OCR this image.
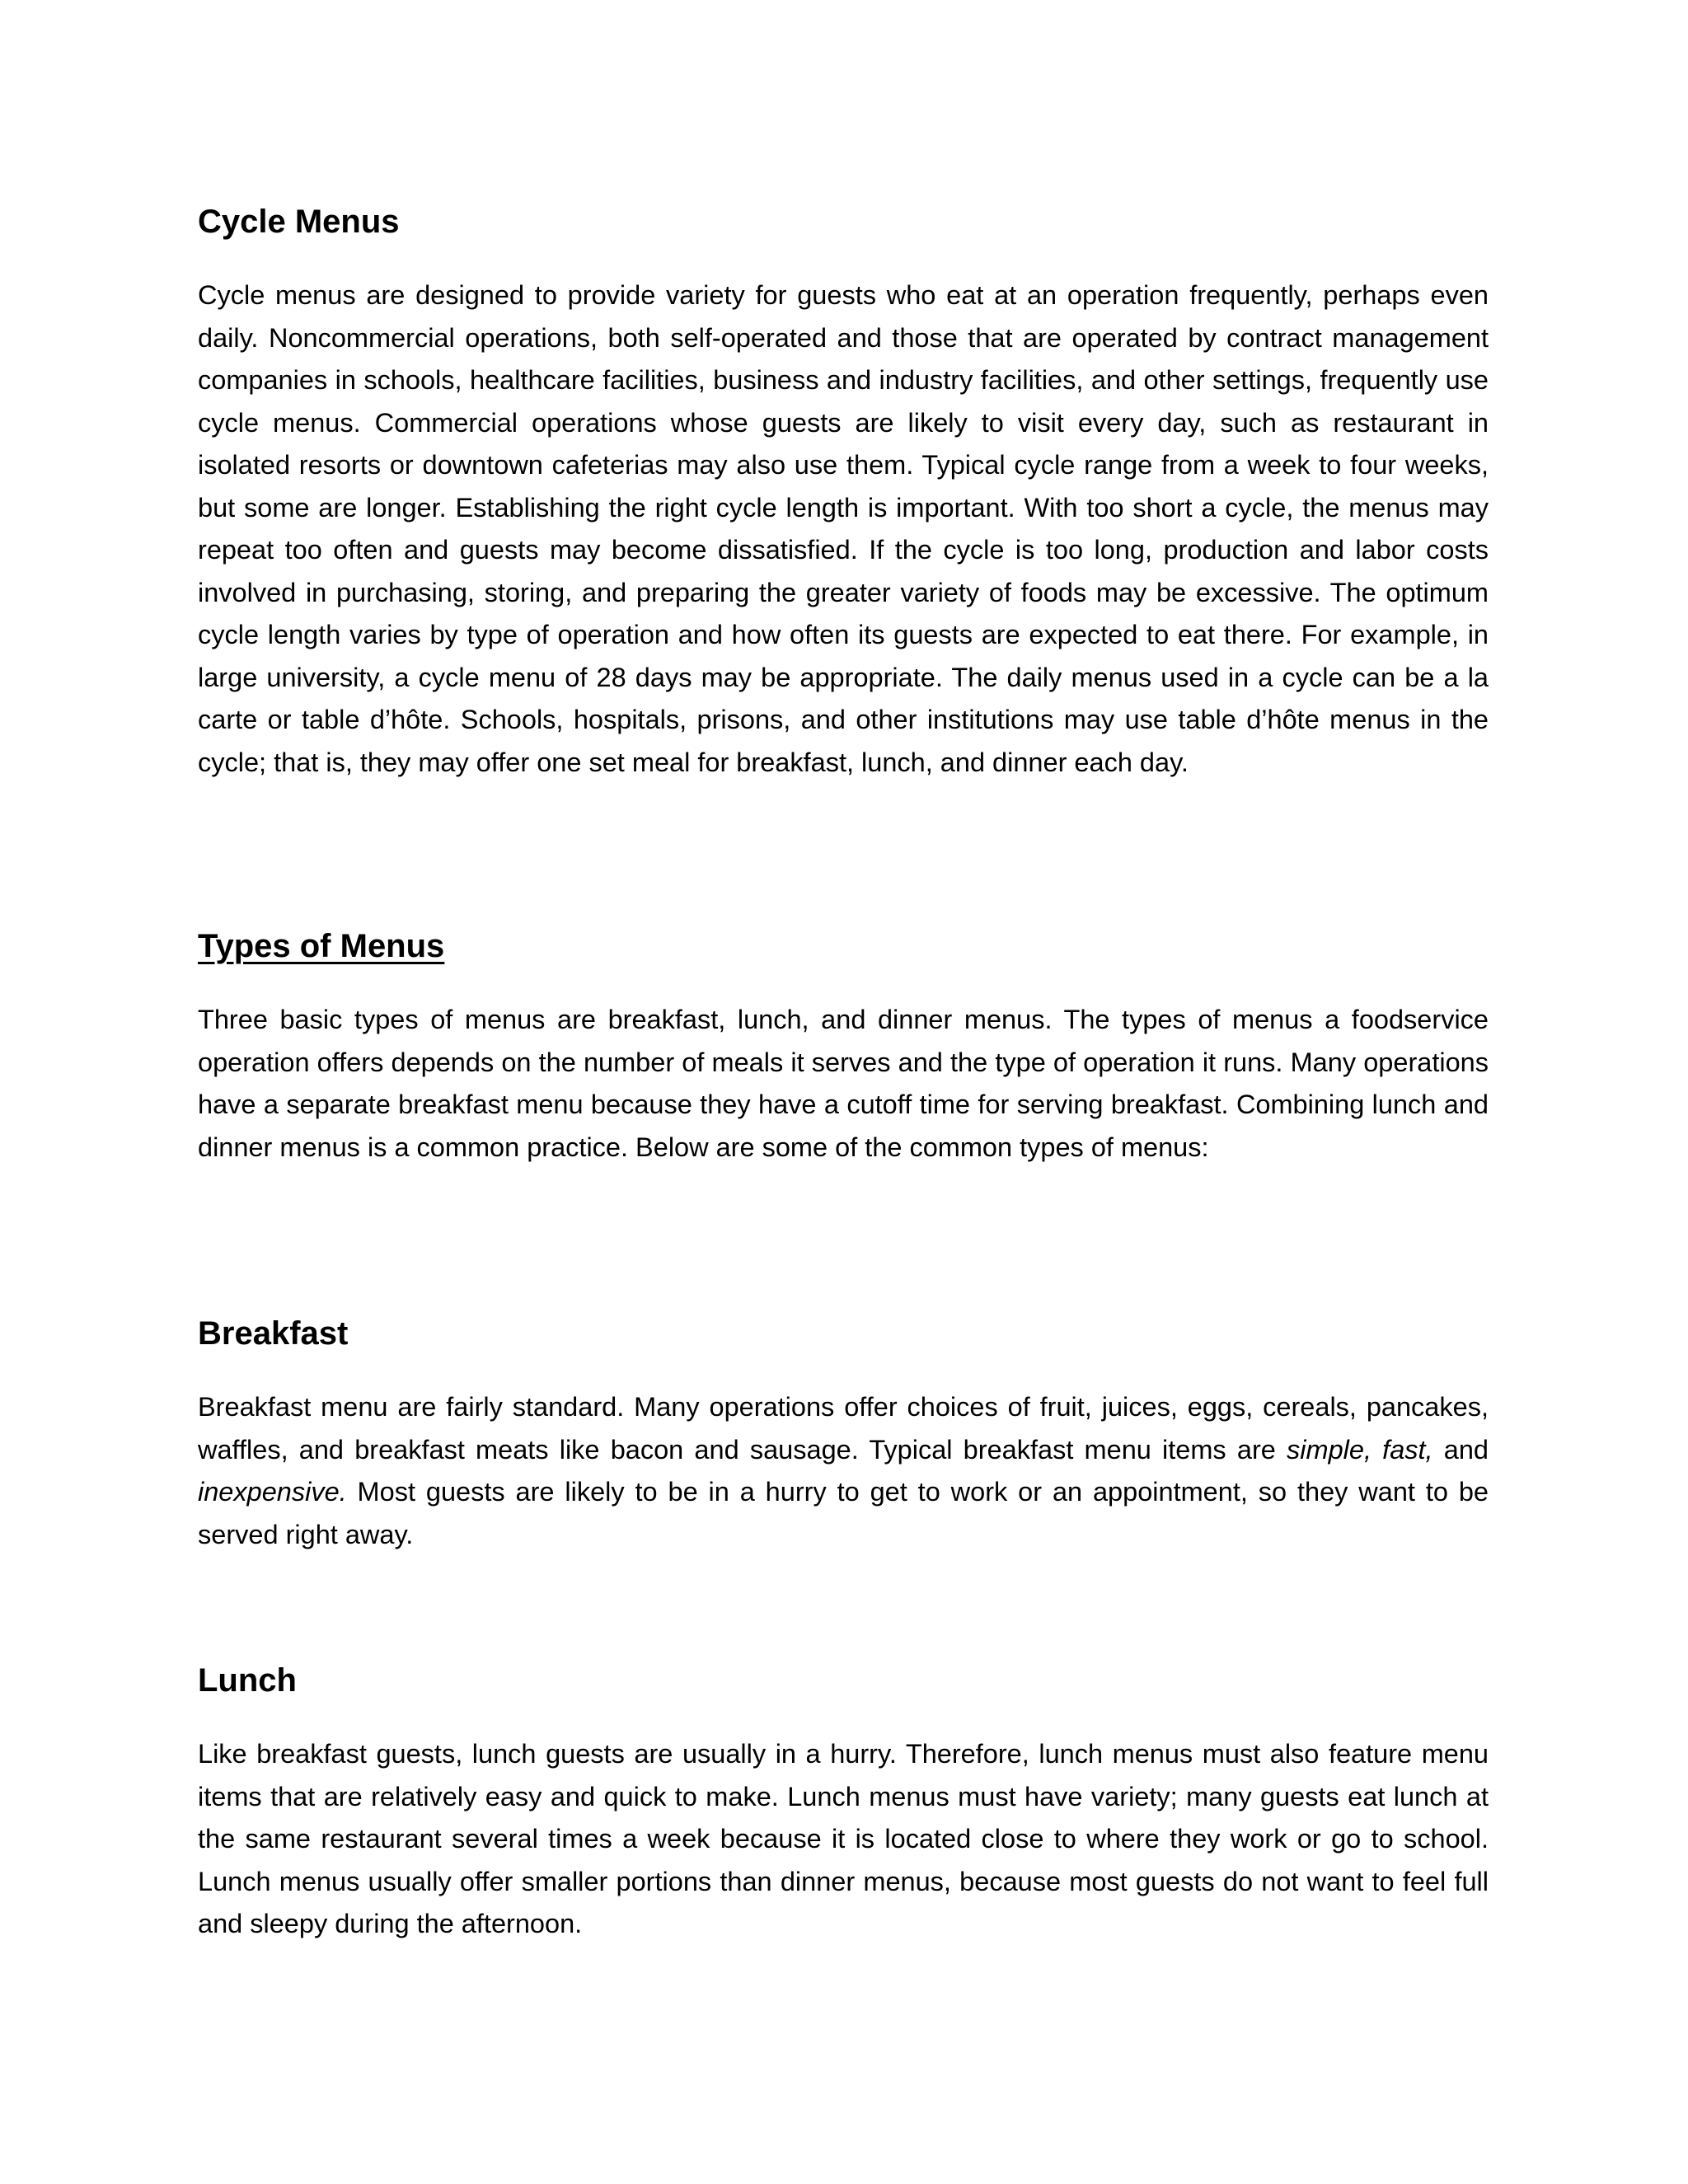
Cycle Menus

Cycle menus are designed to provide variety for guests who eat at an operation frequently, perhaps even daily. Noncommercial operations, both self-operated and those that are operated by contract management companies in schools, healthcare facilities, business and industry facilities, and other settings, frequently use cycle menus. Commercial operations whose guests are likely to visit every day, such as restaurant in isolated resorts or downtown cafeterias may also use them. Typical cycle range from a week to four weeks, but some are longer. Establishing the right cycle length is important. With too short a cycle, the menus may repeat too often and guests may become dissatisfied. If the cycle is too long, production and labor costs involved in purchasing, storing, and preparing the greater variety of foods may be excessive. The optimum cycle length varies by type of operation and how often its guests are expected to eat there. For example, in large university, a cycle menu of 28 days may be appropriate. The daily menus used in a cycle can be a la carte or table d’hôte. Schools, hospitals, prisons, and other institutions may use table d’hôte menus in the cycle; that is, they may offer one set meal for breakfast, lunch, and dinner each day.

Types of Menus

Three basic types of menus are breakfast, lunch, and dinner menus. The types of menus a foodservice operation offers depends on the number of meals it serves and the type of operation it runs. Many operations have a separate breakfast menu because they have a cutoff time for serving breakfast. Combining lunch and dinner menus is a common practice. Below are some of the common types of menus:

Breakfast

Breakfast menu are fairly standard. Many operations offer choices of fruit, juices, eggs, cereals, pancakes, waffles, and breakfast meats like bacon and sausage. Typical breakfast menu items are simple, fast, and inexpensive. Most guests are likely to be in a hurry to get to work or an appointment, so they want to be served right away.

Lunch

Like breakfast guests, lunch guests are usually in a hurry. Therefore, lunch menus must also feature menu items that are relatively easy and quick to make. Lunch menus must have variety; many guests eat lunch at the same restaurant several times a week because it is located close to where they work or go to school. Lunch menus usually offer smaller portions than dinner menus, because most guests do not want to feel full and sleepy during the afternoon.
